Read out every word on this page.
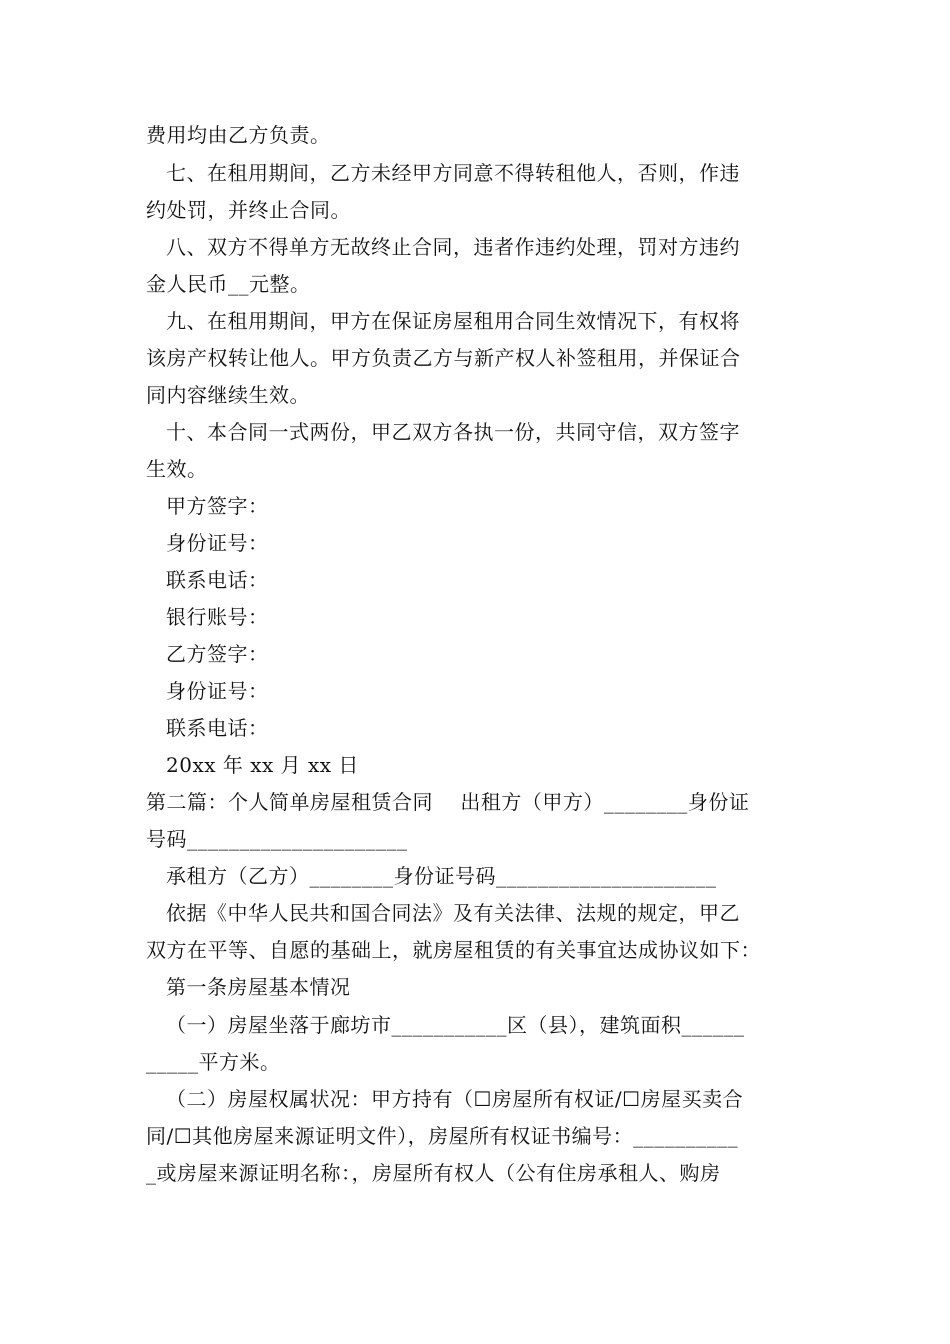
费用均由乙方负责。
七、在租用期间，乙方未经甲方同意不得转租他人，否则，作违
约处罚，并终止合同。
八、双方不得单方无故终止合同，违者作违约处理，罚对方违约
金人民币__元整。
九、在租用期间，甲方在保证房屋租用合同生效情况下，有权将
该房产权转让他人。甲方负责乙方与新产权人补签租用，并保证合
同内容继续生效。
十、本合同一式两份，甲乙双方各执一份，共同守信，双方签字
生效。
甲方签字：
身份证号：
联系电话：
银行账号：
乙方签字：
身份证号：
联系电话：
20xx 年 xx 月 xx 日
第二篇：个人简单房屋租赁合同    出租方（甲方）________身份证
号码_____________________
承租方（乙方）________身份证号码_____________________
依据《中华人民共和国合同法》及有关法律、法规的规定，甲乙
双方在平等、自愿的基础上，就房屋租赁的有关事宜达成协议如下：
第一条房屋基本情况
（一）房屋坐落于廊坊市___________区（县），建筑面积______
_____平方米。
（二）房屋权属状况：甲方持有（☐房屋所有权证/☐房屋买卖合
同/☐其他房屋来源证明文件），房屋所有权证书编号：__________
_或房屋来源证明名称：，房屋所有权人（公有住房承租人、购房
